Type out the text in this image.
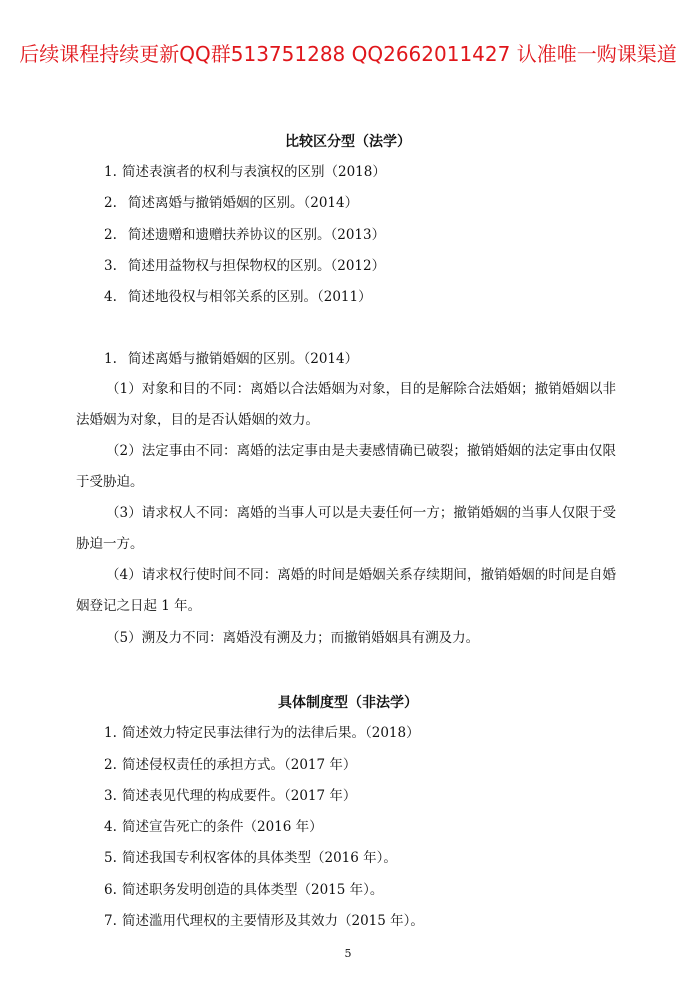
后续课程持续更新QQ群513751288 QQ2662011427 认准唯一购课渠道
比较区分型（法学）
1. 简述表演者的权利与表演权的区别（2018）
2. 简述离婚与撤销婚姻的区别。（2014）
2. 简述遗赠和遗赠扶养协议的区别。（2013）
3. 简述用益物权与担保物权的区别。（2012）
4. 简述地役权与相邻关系的区别。（2011）
1. 简述离婚与撤销婚姻的区别。（2014）
（1）对象和目的不同：离婚以合法婚姻为对象，目的是解除合法婚姻；撤销婚姻以非法婚姻为对象，目的是否认婚姻的效力。
（2）法定事由不同：离婚的法定事由是夫妻感情确已破裂；撤销婚姻的法定事由仅限于受胁迫。
（3）请求权人不同：离婚的当事人可以是夫妻任何一方；撤销婚姻的当事人仅限于受胁迫一方。
（4）请求权行使时间不同：离婚的时间是婚姻关系存续期间，撤销婚姻的时间是自婚姻登记之日起 1 年。
（5）溯及力不同：离婚没有溯及力；而撤销婚姻具有溯及力。
具体制度型（非法学）
1. 简述效力特定民事法律行为的法律后果。（2018）
2. 简述侵权责任的承担方式。（2017 年）
3. 简述表见代理的构成要件。（2017 年）
4. 简述宣告死亡的条件（2016 年）
5. 简述我国专利权客体的具体类型（2016 年）。
6. 简述职务发明创造的具体类型（2015 年）。
7. 简述滥用代理权的主要情形及其效力（2015 年）。
5
